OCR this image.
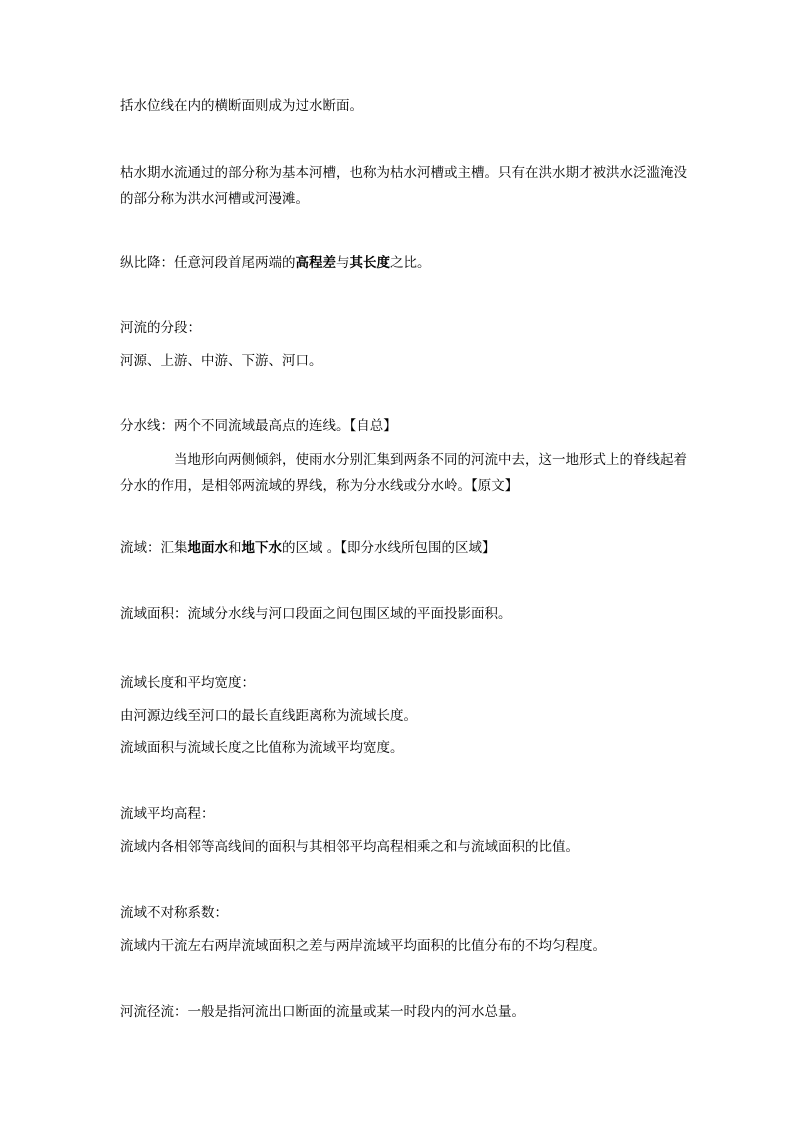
括水位线在内的横断面则成为过水断面。
枯水期水流通过的部分称为基本河槽，也称为枯水河槽或主槽。只有在洪水期才被洪水泛滥淹没的部分称为洪水河槽或河漫滩。
纵比降：任意河段首尾两端的高程差与其长度之比。
河流的分段：
河源、上游、中游、下游、河口。
分水线：两个不同流域最高点的连线。【自总】
当地形向两侧倾斜，使雨水分别汇集到两条不同的河流中去，这一地形式上的脊线起着分水的作用，是相邻两流域的界线，称为分水线或分水岭。【原文】
流域：汇集地面水和地下水的区域 。【即分水线所包围的区域】
流域面积：流域分水线与河口段面之间包围区域的平面投影面积。
流域长度和平均宽度：
由河源边线至河口的最长直线距离称为流域长度。
流域面积与流域长度之比值称为流域平均宽度。
流域平均高程：
流域内各相邻等高线间的面积与其相邻平均高程相乘之和与流域面积的比值。
流域不对称系数：
流域内干流左右两岸流域面积之差与两岸流域平均面积的比值分布的不均匀程度。
河流径流：一般是指河流出口断面的流量或某一时段内的河水总量。
